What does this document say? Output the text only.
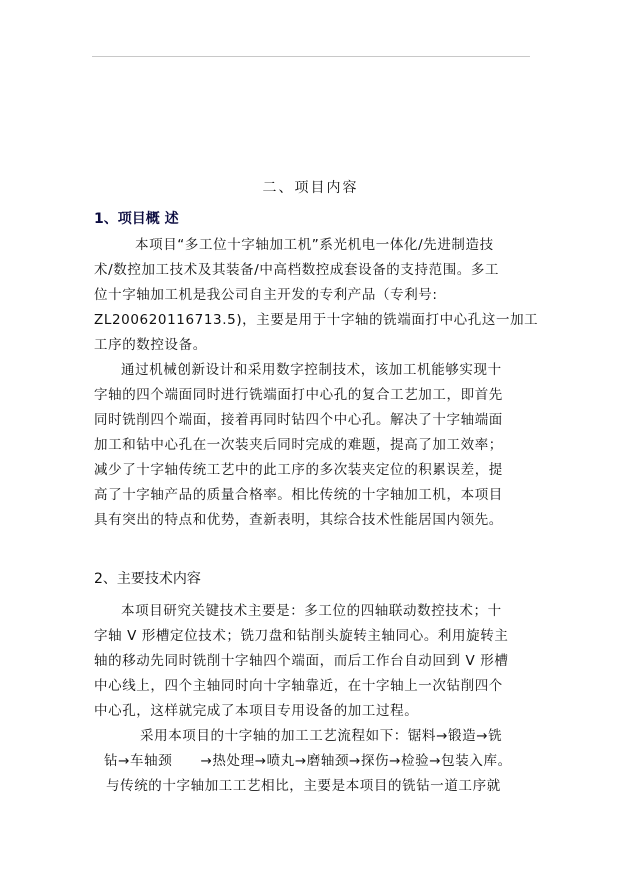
二、项目内容
1、项目概 述
本项目“多工位十字轴加工机”系光机电一体化/先进制造技
术/数控加工技术及其装备/中高档数控成套设备的支持范围。多工
位十字轴加工机是我公司自主开发的专利产品（专利号:
ZL200620116713.5)，主要是用于十字轴的铣端面打中心孔这一加工
工序的数控设备。
通过机械创新设计和采用数字控制技术，该加工机能够实现十
字轴的四个端面同时进行铣端面打中心孔的复合工艺加工，即首先
同时铣削四个端面，接着再同时钻四个中心孔。解决了十字轴端面
加工和钻中心孔在一次装夹后同时完成的难题，提高了加工效率；
减少了十字轴传统工艺中的此工序的多次装夹定位的积累误差，提
高了十字轴产品的质量合格率。相比传统的十字轴加工机，本项目
具有突出的特点和优势，查新表明，其综合技术性能居国内领先。
2、主要技术内容
本项目研究关键技术主要是：多工位的四轴联动数控技术；十
字轴 V 形槽定位技术；铣刀盘和钻削头旋转主轴同心。利用旋转主
轴的移动先同时铣削十字轴四个端面，而后工作台自动回到 V 形槽
中心线上，四个主轴同时向十字轴靠近，在十字轴上一次钻削四个
中心孔，这样就完成了本项目专用设备的加工过程。
采用本项目的十字轴的加工工艺流程如下：锯料→锻造→铣
钻→车轴颈　　→热处理→喷丸→磨轴颈→探伤→检验→包装入库。
与传统的十字轴加工工艺相比，主要是本项目的铣钻一道工序就
